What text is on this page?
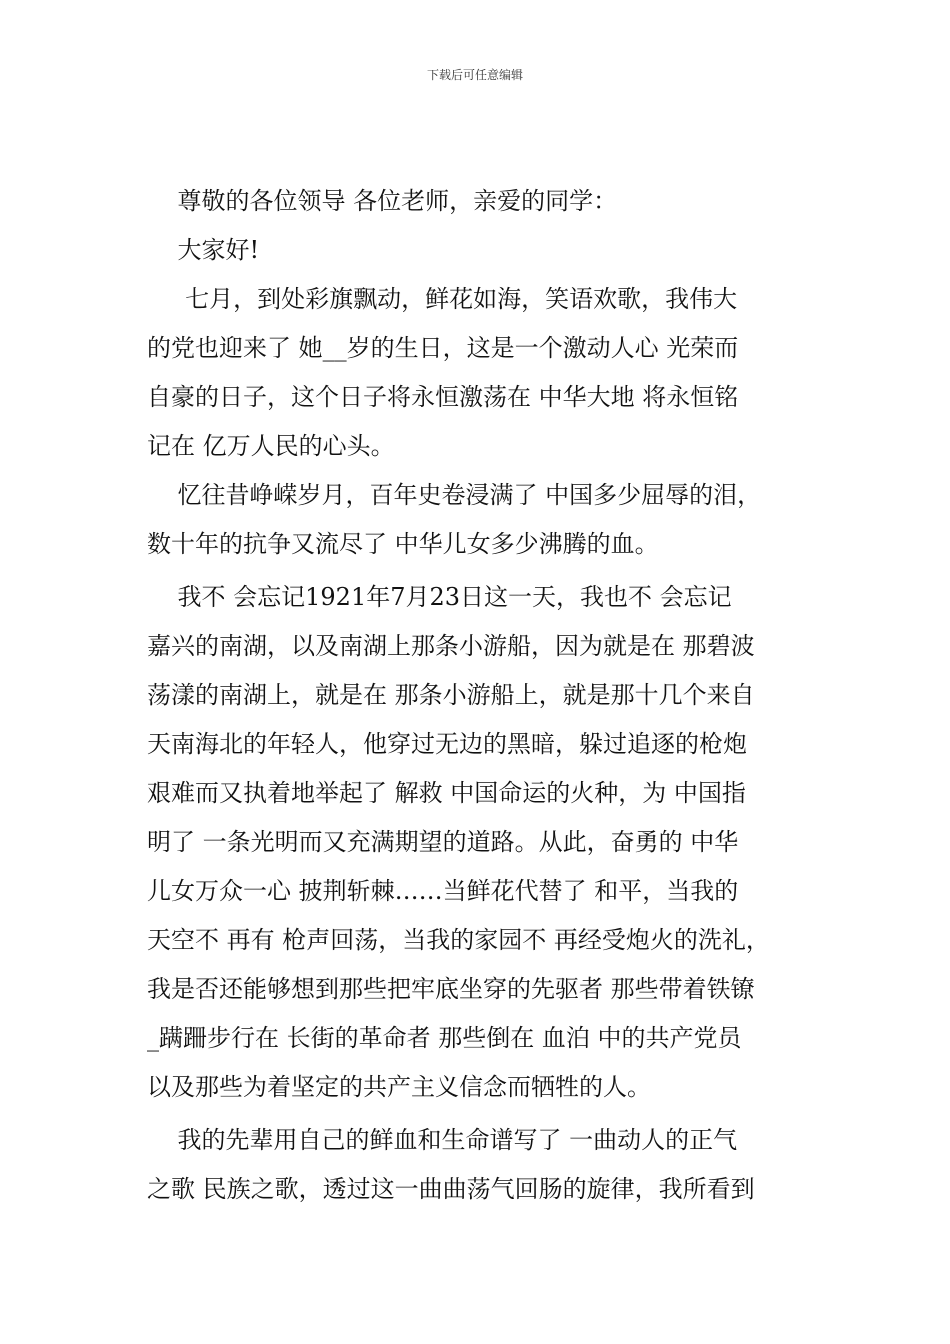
下载后可任意编辑
尊敬的各位领导 各位老师，亲爱的同学：
大家好!
七月，到处彩旗飘动，鲜花如海，笑语欢歌，我伟大
的党也迎来了 她__岁的生日，这是一个激动人心 光荣而
自豪的日子，这个日子将永恒激荡在 中华大地 将永恒铭
记在 亿万人民的心头。
忆往昔峥嵘岁月，百年史卷浸满了 中国多少屈辱的泪，
数十年的抗争又流尽了 中华儿女多少沸腾的血。
我不 会忘记1921年7月23日这一天，我也不 会忘记
嘉兴的南湖，以及南湖上那条小游船，因为就是在 那碧波
荡漾的南湖上，就是在 那条小游船上，就是那十几个来自
天南海北的年轻人，他穿过无边的黑暗，躲过追逐的枪炮
艰难而又执着地举起了 解救 中国命运的火种，为 中国指
明了 一条光明而又充满期望的道路。从此，奋勇的 中华
儿女万众一心 披荆斩棘……当鲜花代替了 和平，当我的
天空不 再有 枪声回荡，当我的家园不 再经受炮火的洗礼，
我是否还能够想到那些把牢底坐穿的先驱者 那些带着铁镣
_蹒跚步行在 长街的革命者 那些倒在 血泊 中的共产党员
以及那些为着坚定的共产主义信念而牺牲的人。
我的先辈用自己的鲜血和生命谱写了 一曲动人的正气
之歌 民族之歌，透过这一曲曲荡气回肠的旋律，我所看到
